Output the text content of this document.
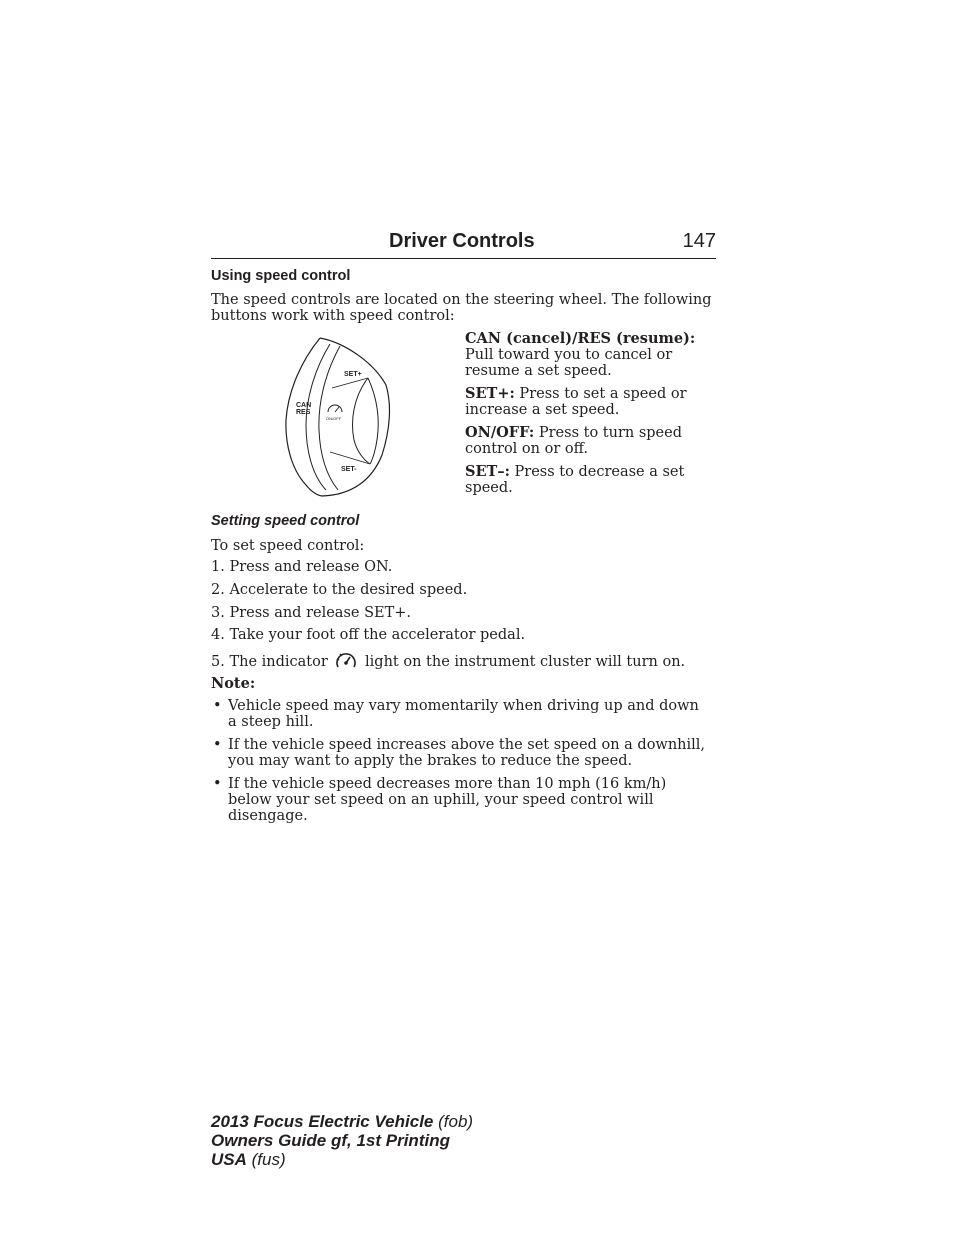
Driver Controls	147
Using speed control
The speed controls are located on the steering wheel. The following buttons work with speed control:
CAN
RES
SET+
SET-
ON/OFF
CAN (cancel)/RES (resume): Pull toward you to cancel or resume a set speed.
SET+: Press to set a speed or increase a set speed.
ON/OFF: Press to turn speed control on or off.
SET–: Press to decrease a set speed.
Setting speed control
To set speed control:
1. Press and release ON.
2. Accelerate to the desired speed.
3. Press and release SET+.
4. Take your foot off the accelerator pedal.
5. The indicator	light on the instrument cluster will turn on.
Note:
• Vehicle speed may vary momentarily when driving up and down a steep hill.
• If the vehicle speed increases above the set speed on a downhill, you may want to apply the brakes to reduce the speed.
• If the vehicle speed decreases more than 10 mph (16 km/h) below your set speed on an uphill, your speed control will disengage.
2013 Focus Electric Vehicle (fob)
Owners Guide gf, 1st Printing
USA (fus)
